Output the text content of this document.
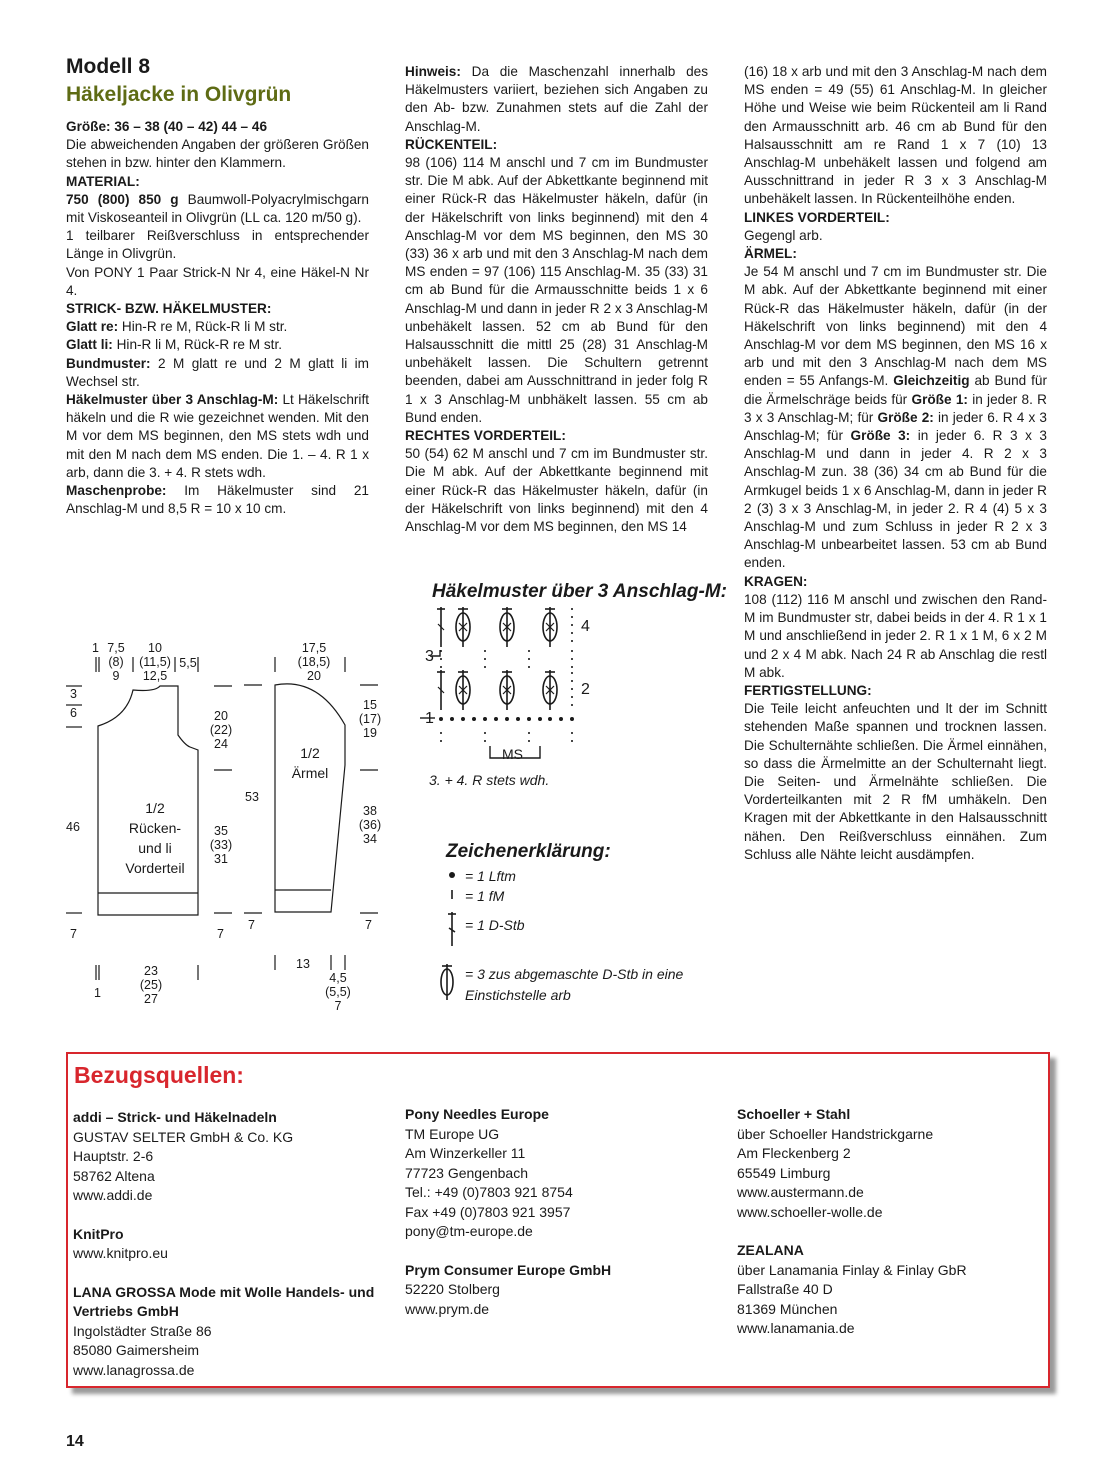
Modell 8
Häkeljacke in Olivgrün

Größe: 36 – 38 (40 – 42) 44 – 46

Die abweichenden Angaben der größeren Größen stehen in bzw. hinter den Klammern.

MATERIAL:

750 (800) 850 g Baumwoll-Polyacrylmischgarn mit Viskoseanteil in Olivgrün (LL ca. 120 m/50 g).

1 teilbarer Reißverschluss in entsprechender Länge in Olivgrün.

Von PONY 1 Paar Strick-N Nr 4, eine Häkel-N Nr 4.

STRICK- BZW. HÄKELMUSTER:

Glatt re: Hin-R re M, Rück-R li M str.

Glatt li: Hin-R li M, Rück-R re M str.

Bundmuster: 2 M glatt re und 2 M glatt li im Wechsel str.

Häkelmuster über 3 Anschlag-M: Lt Häkelschrift häkeln und die R wie gezeichnet wenden. Mit den M vor dem MS beginnen, den MS stets wdh und mit den M nach dem MS enden. Die 1. – 4. R 1 x arb, dann die 3. + 4. R stets wdh.

Maschenprobe: Im Häkelmuster sind 21 Anschlag-M und 8,5 R = 10 x 10 cm.

Hinweis: Da die Maschenzahl innerhalb des Häkelmusters variiert, beziehen sich Angaben zu den Ab- bzw. Zunahmen stets auf die Zahl der Anschlag-M.

RÜCKENTEIL:

98 (106) 114 M anschl und 7 cm im Bundmuster str. Die M abk. Auf der Abkettkante beginnend mit einer Rück-R das Häkelmuster häkeln, dafür (in der Häkelschrift von links beginnend) mit den 4 Anschlag-M vor dem MS beginnen, den MS 30 (33) 36 x arb und mit den 3 Anschlag-M nach dem MS enden = 97 (106) 115 Anschlag-M. 35 (33) 31 cm ab Bund für die Armausschnitte beids 1 x 6 Anschlag-M und dann in jeder R 2 x 3 Anschlag-M unbehäkelt lassen. 52 cm ab Bund für den Halsausschnitt die mittl 25 (28) 31 Anschlag-M unbehäkelt lassen. Die Schultern getrennt beenden, dabei am Ausschnittrand in jeder folg R 1 x 3 Anschlag-M unbhäkelt lassen. 55 cm ab Bund enden.

RECHTES VORDERTEIL:

50 (54) 62 M anschl und 7 cm im Bundmuster str. Die M abk. Auf der Abkettkante beginnend mit einer Rück-R das Häkelmuster häkeln, dafür (in der Häkelschrift von links beginnend) mit den 4 Anschlag-M vor dem MS beginnen, den MS 14

(16) 18 x arb und mit den 3 Anschlag-M nach dem MS enden = 49 (55) 61 Anschlag-M. In gleicher Höhe und Weise wie beim Rückenteil am li Rand den Armausschnitt arb. 46 cm ab Bund für den Halsausschnitt am re Rand 1 x 7 (10) 13 Anschlag-M unbehäkelt lassen und folgend am Ausschnittrand in jeder R 3 x 3 Anschlag-M unbehäkelt lassen. In Rückenteilhöhe enden.

LINKES VORDERTEIL:

Gegengl arb.

ÄRMEL:

Je 54 M anschl und 7 cm im Bundmuster str. Die M abk. Auf der Abkettkante beginnend mit einer Rück-R das Häkelmuster häkeln, dafür (in der Häkelschrift von links beginnend) mit den 4 Anschlag-M vor dem MS beginnen, den MS 16 x arb und mit den 3 Anschlag-M nach dem MS enden = 55 Anfangs-M. Gleichzeitig ab Bund für die Ärmelschräge beids für Größe 1: in jeder 8. R 3 x 3 Anschlag-M; für Größe 2: in jeder 6. R 4 x 3 Anschlag-M; für Größe 3: in jeder 6. R 3 x 3 Anschlag-M und dann in jeder 4. R 2 x 3 Anschlag-M zun. 38 (36) 34 cm ab Bund für die Armkugel beids 1 x 6 Anschlag-M, dann in jeder R 2 (3) 3 x 3 Anschlag-M, in jeder 2. R 4 (4) 5 x 3 Anschlag-M und zum Schluss in jeder R 2 x 3 Anschlag-M unbearbeitet lassen. 53 cm ab Bund enden.

KRAGEN:

108 (112) 116 M anschl und zwischen den Rand-M im Bundmuster str, dabei beids in der 4. R 1 x 1 M und anschließend in jeder 2. R 1 x 1 M, 6 x 2 M und 2 x 4 M abk. Nach 24 R ab Anschlag die restl M abk.

FERTIGSTELLUNG:

Die Teile leicht anfeuchten und lt der im Schnitt stehenden Maße spannen und trocknen lassen. Die Schulternähte schließen. Die Ärmel einnähen, so dass die Ärmelmitte an der Schulternaht liegt. Die Seiten- und Ärmelnähte schließen. Die Vorderteilkanten mit 2 R fM umhäkeln. Den Kragen mit der Abkettkante in den Halsausschnitt nähen. Den Reißverschluss einnähen. Zum Schluss alle Nähte leicht ausdämpfen.

1/2
Rücken-
und li
Vorderteil
1/2
Ärmel
1 7,5
(8)
9
10
(11,5)
12,5
5,5
3
6
46
20
(22)
24
35
(33)
31
7	7
1
23
(25)
27
53
17,5
(18,5)
20
15
(17)
19
38
(36)
34
7	7
13
4,5
(5,5)
7
Häkelmuster über 3 Anschlag-M:
4
3
2
1
MS
3. + 4. R stets wdh.
Zeichenerklärung:
= 1 Lftm
= 1 fM
= 1 D-Stb
= 3 zus abgemaschte D-Stb in eine
Einstichstelle arb
Bezugsquellen:
addi – Strick- und Häkelnadeln
GUSTAV SELTER GmbH & Co. KG
Hauptstr. 2-6
58762 Altena
www.addi.de
KnitPro
www.knitpro.eu
LANA GROSSA Mode mit Wolle Handels- und
Vertriebs GmbH
Ingolstädter Straße 86
85080 Gaimersheim
www.lanagrossa.de
Pony Needles Europe
TM Europe UG
Am Winzerkeller 11
77723 Gengenbach
Tel.: +49 (0)7803 921 8754
Fax +49 (0)7803 921 3957
pony@tm-europe.de
Prym Consumer Europe GmbH
52220 Stolberg
www.prym.de
Schoeller + Stahl
über Schoeller Handstrickgarne
Am Fleckenberg 2
65549 Limburg
www.austermann.de
www.schoeller-wolle.de
ZEALANA
über Lanamania Finlay & Finlay GbR
Fallstraße 40 D
81369 München
www.lanamania.de
14
